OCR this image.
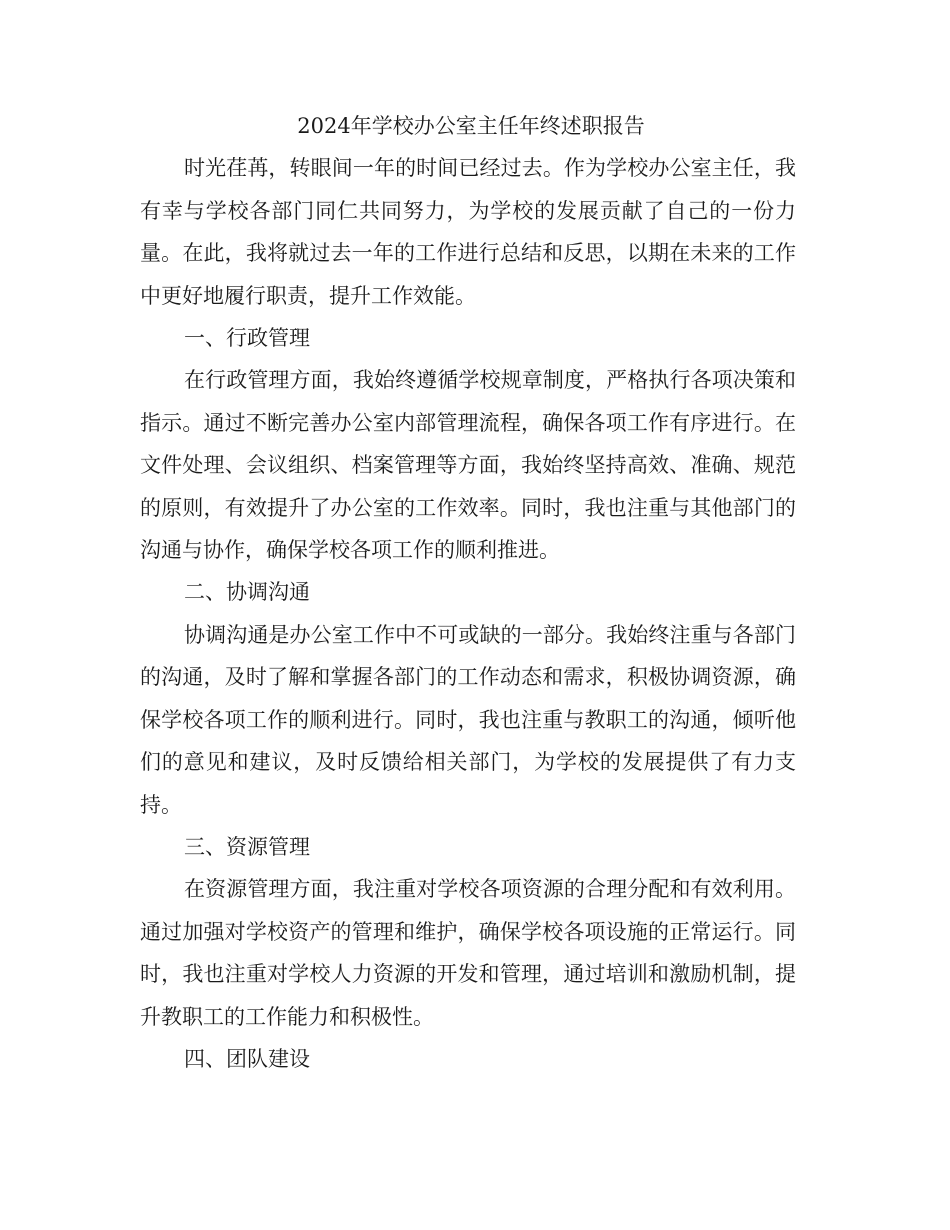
2024年学校办公室主任年终述职报告

时光荏苒，转眼间一年的时间已经过去。作为学校办公室主任，我有幸与学校各部门同仁共同努力，为学校的发展贡献了自己的一份力量。在此，我将就过去一年的工作进行总结和反思，以期在未来的工作中更好地履行职责，提升工作效能。

一、行政管理

在行政管理方面，我始终遵循学校规章制度，严格执行各项决策和指示。通过不断完善办公室内部管理流程，确保各项工作有序进行。在文件处理、会议组织、档案管理等方面，我始终坚持高效、准确、规范的原则，有效提升了办公室的工作效率。同时，我也注重与其他部门的沟通与协作，确保学校各项工作的顺利推进。

二、协调沟通

协调沟通是办公室工作中不可或缺的一部分。我始终注重与各部门的沟通，及时了解和掌握各部门的工作动态和需求，积极协调资源，确保学校各项工作的顺利进行。同时，我也注重与教职工的沟通，倾听他们的意见和建议，及时反馈给相关部门，为学校的发展提供了有力支持。

三、资源管理

在资源管理方面，我注重对学校各项资源的合理分配和有效利用。通过加强对学校资产的管理和维护，确保学校各项设施的正常运行。同时，我也注重对学校人力资源的开发和管理，通过培训和激励机制，提升教职工的工作能力和积极性。

四、团队建设
